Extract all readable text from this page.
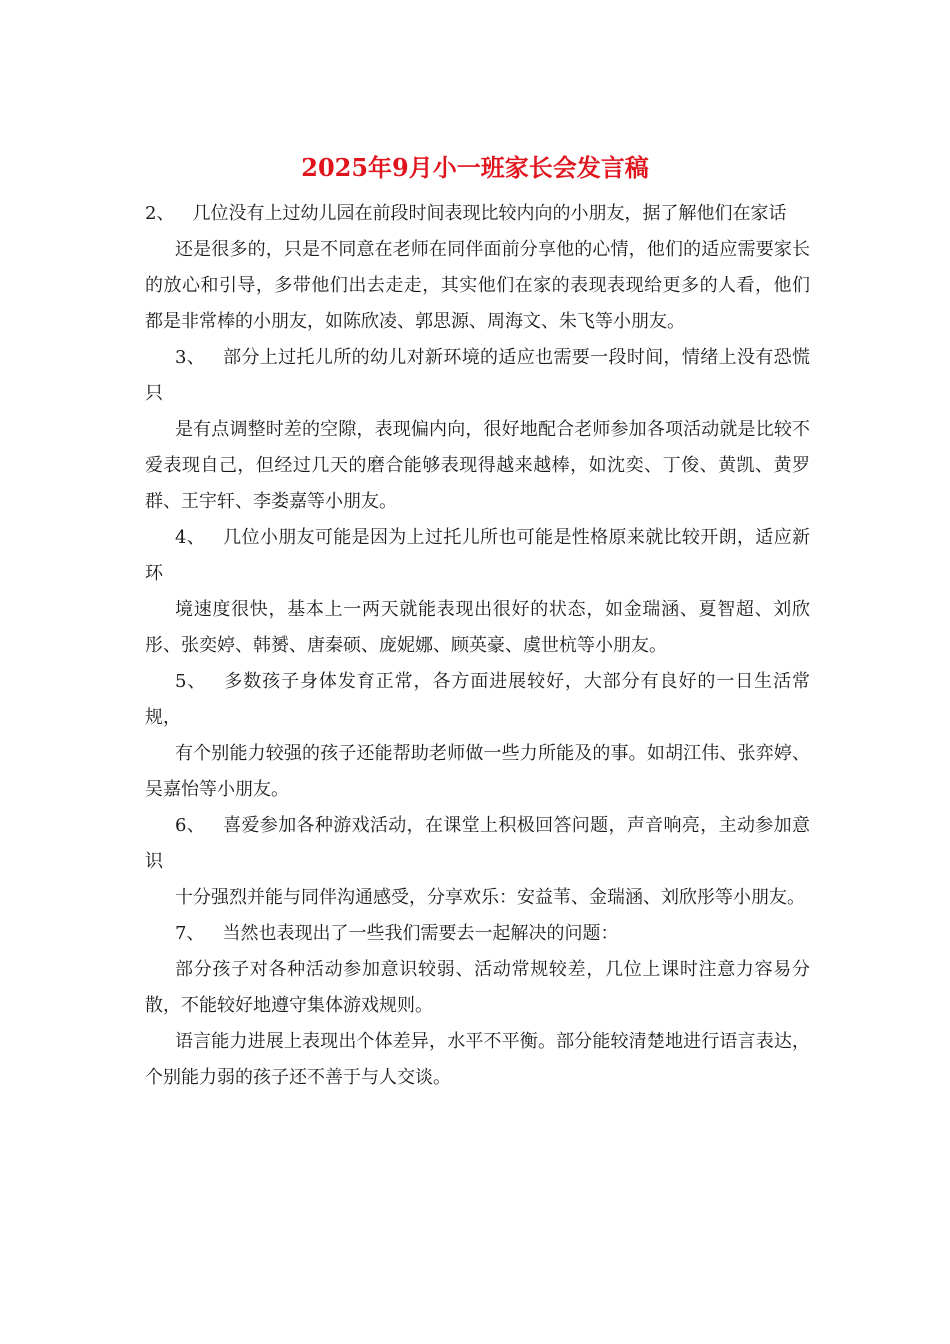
2025年9月小一班家长会发言稿

2、 几位没有上过幼儿园在前段时间表现比较内向的小朋友，据了解他们在家话

还是很多的，只是不同意在老师在同伴面前分享他的心情，他们的适应需要家长的放心和引导，多带他们出去走走，其实他们在家的表现表现给更多的人看，他们都是非常棒的小朋友，如陈欣凌、郭思源、周海文、朱飞等小朋友。

3、 部分上过托儿所的幼儿对新环境的适应也需要一段时间，情绪上没有恐慌只

是有点调整时差的空隙，表现偏内向，很好地配合老师参加各项活动就是比较不爱表现自己，但经过几天的磨合能够表现得越来越棒，如沈奕、丁俊、黄凯、黄罗群、王宇轩、李娄嘉等小朋友。

4、 几位小朋友可能是因为上过托儿所也可能是性格原来就比较开朗，适应新环

境速度很快，基本上一两天就能表现出很好的状态，如金瑞涵、夏智超、刘欣彤、张奕婷、韩赟、唐秦硕、庞妮娜、顾英豪、虞世杭等小朋友。

5、 多数孩子身体发育正常，各方面进展较好，大部分有良好的一日生活常规，

有个别能力较强的孩子还能帮助老师做一些力所能及的事。如胡江伟、张弈婷、吴嘉怡等小朋友。

6、 喜爱参加各种游戏活动，在课堂上积极回答问题，声音响亮，主动参加意识

十分强烈并能与同伴沟通感受，分享欢乐：安益苇、金瑞涵、刘欣彤等小朋友。

7、 当然也表现出了一些我们需要去一起解决的问题：

部分孩子对各种活动参加意识较弱、活动常规较差，几位上课时注意力容易分散，不能较好地遵守集体游戏规则。

语言能力进展上表现出个体差异，水平不平衡。部分能较清楚地进行语言表达，个别能力弱的孩子还不善于与人交谈。
